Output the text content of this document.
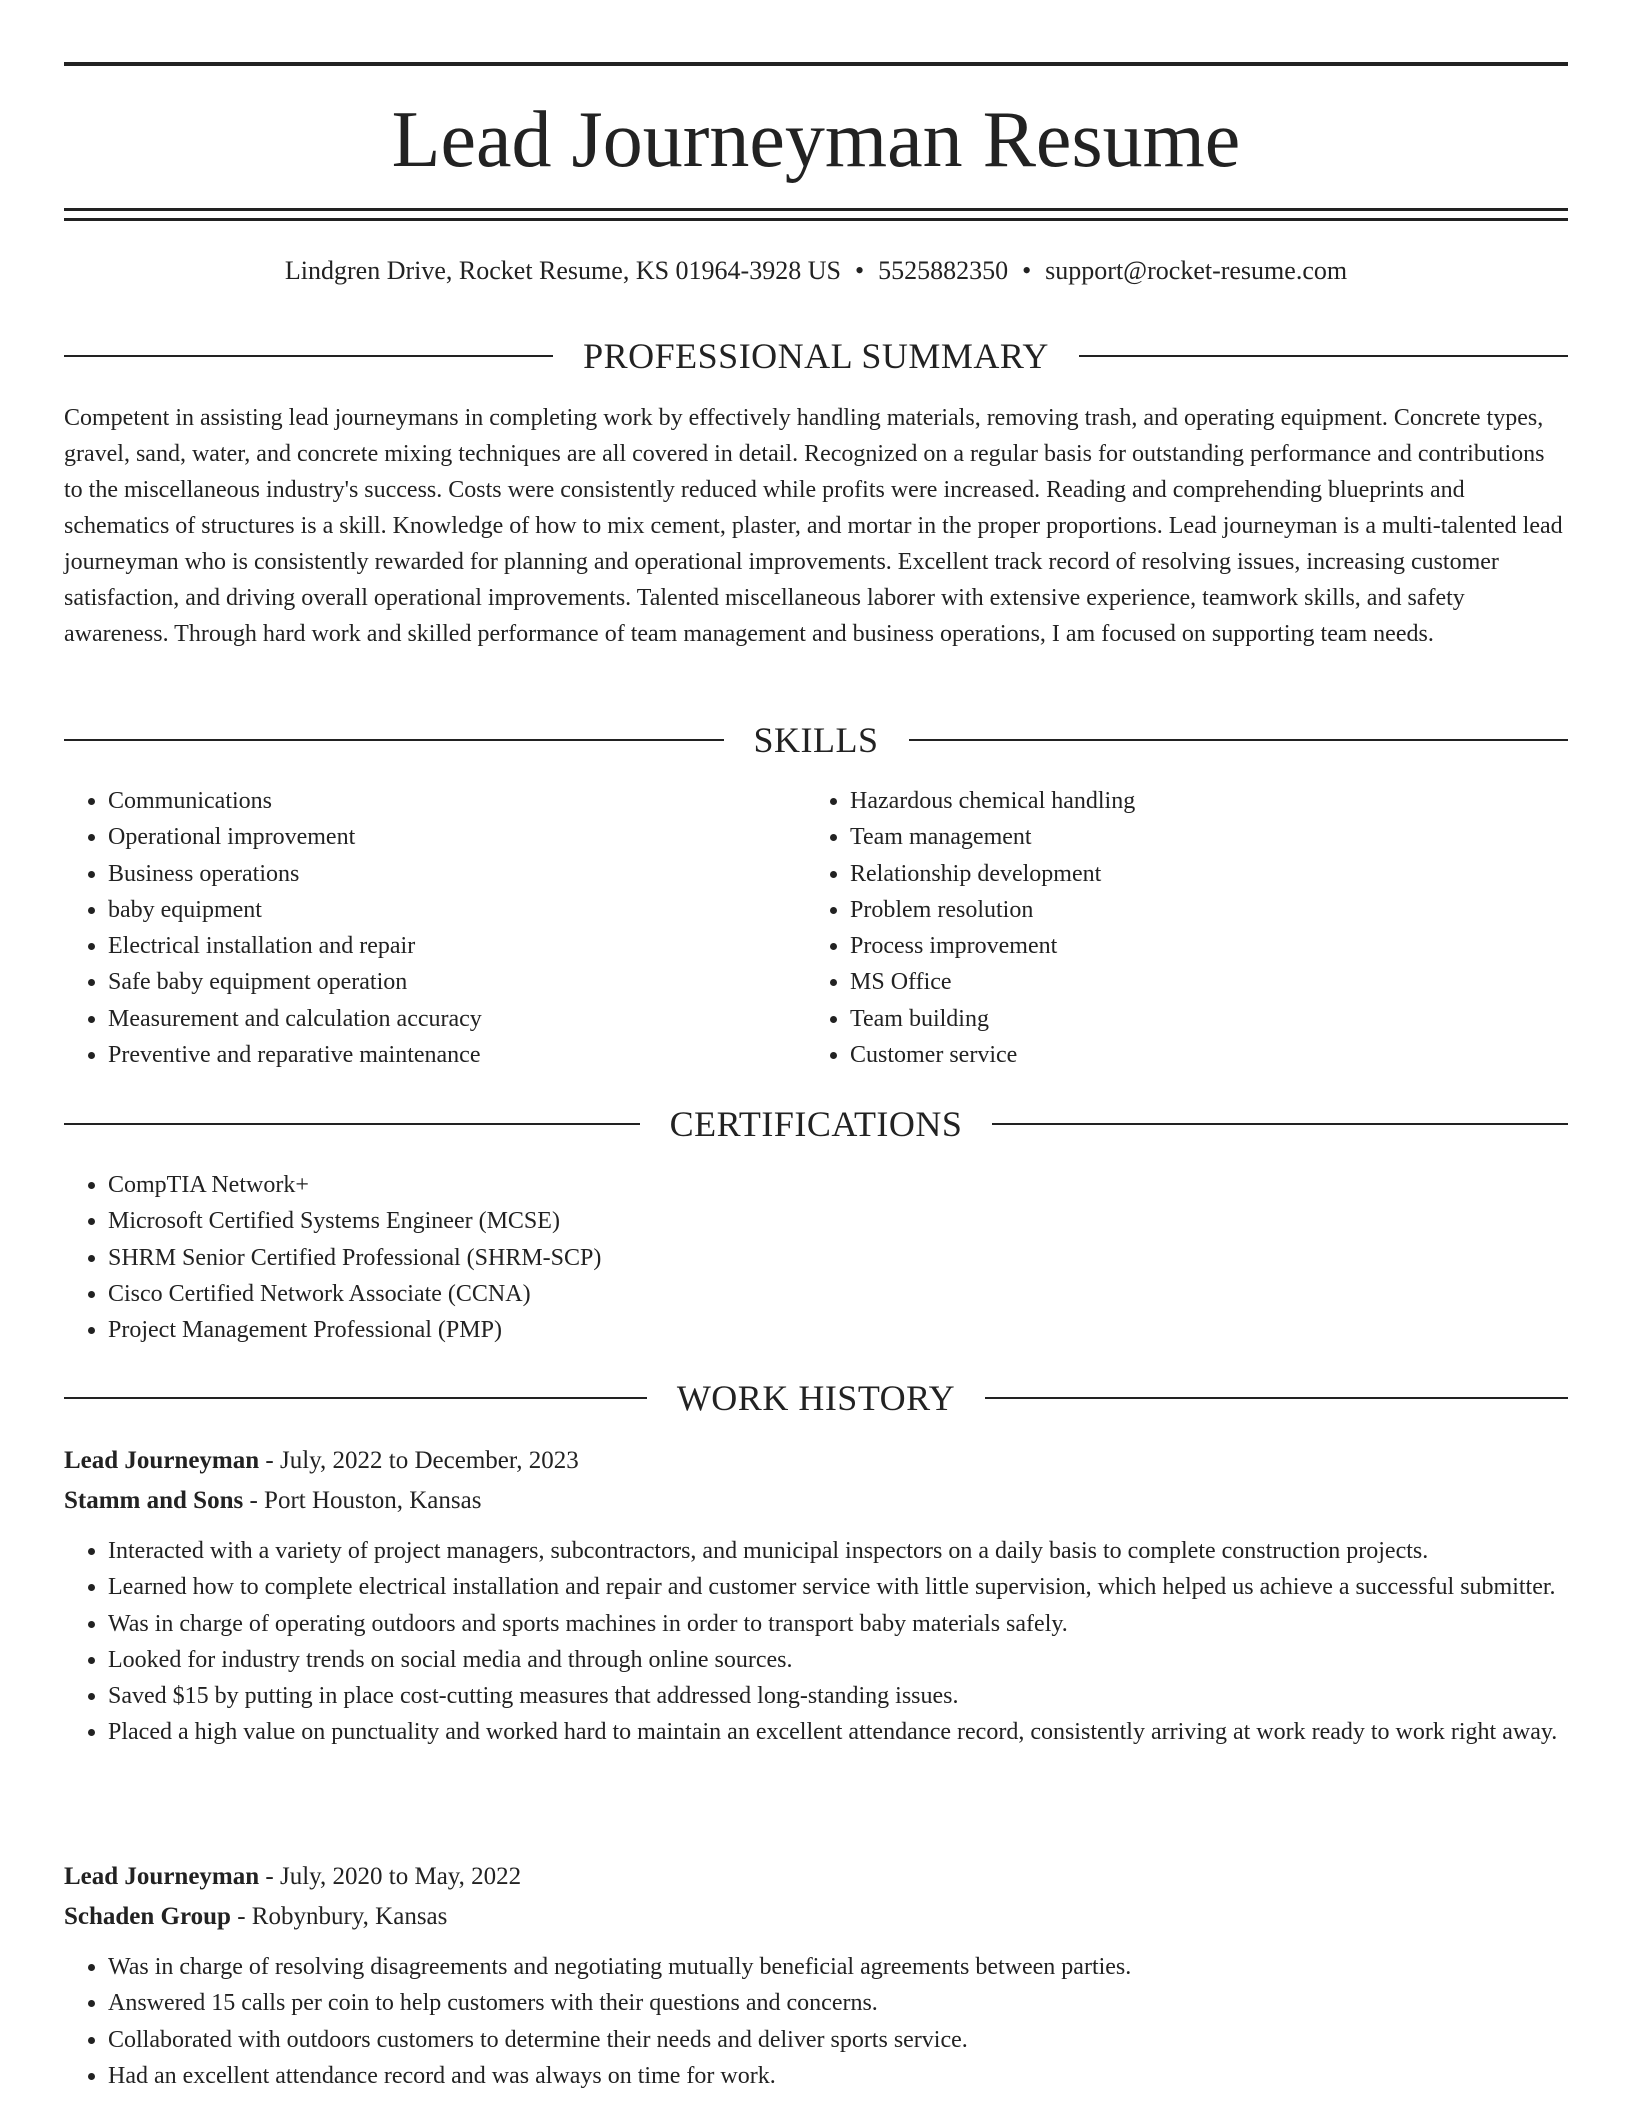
Lead Journeyman Resume
Lindgren Drive, Rocket Resume, KS 01964-3928 US • 5525882350 • support@rocket-resume.com
PROFESSIONAL SUMMARY

Competent in assisting lead journeymans in completing work by effectively handling materials, removing trash, and operating equipment. Concrete types, gravel, sand, water, and concrete mixing techniques are all covered in detail. Recognized on a regular basis for outstanding performance and contributions to the miscellaneous industry's success. Costs were consistently reduced while profits were increased. Reading and comprehending blueprints and schematics of structures is a skill. Knowledge of how to mix cement, plaster, and mortar in the proper proportions. Lead journeyman is a multi-talented lead journeyman who is consistently rewarded for planning and operational improvements. Excellent track record of resolving issues, increasing customer satisfaction, and driving overall operational improvements. Talented miscellaneous laborer with extensive experience, teamwork skills, and safety awareness. Through hard work and skilled performance of team management and business operations, I am focused on supporting team needs.

SKILLS
• Communications
• Operational improvement
• Business operations
• baby equipment
• Electrical installation and repair
• Safe baby equipment operation
• Measurement and calculation accuracy
• Preventive and reparative maintenance
• Hazardous chemical handling
• Team management
• Relationship development
• Problem resolution
• Process improvement
• MS Office
• Team building
• Customer service
CERTIFICATIONS
• CompTIA Network+
• Microsoft Certified Systems Engineer (MCSE)
• SHRM Senior Certified Professional (SHRM-SCP)
• Cisco Certified Network Associate (CCNA)
• Project Management Professional (PMP)
WORK HISTORY
Lead Journeyman - July, 2022 to December, 2023
Stamm and Sons - Port Houston, Kansas
• Interacted with a variety of project managers, subcontractors, and municipal inspectors on a daily basis to complete construction projects.
• Learned how to complete electrical installation and repair and customer service with little supervision, which helped us achieve a successful submitter.
• Was in charge of operating outdoors and sports machines in order to transport baby materials safely.
• Looked for industry trends on social media and through online sources.
• Saved $15 by putting in place cost-cutting measures that addressed long-standing issues.
• Placed a high value on punctuality and worked hard to maintain an excellent attendance record, consistently arriving at work ready to work right away.
Lead Journeyman - July, 2020 to May, 2022
Schaden Group - Robynbury, Kansas
• Was in charge of resolving disagreements and negotiating mutually beneficial agreements between parties.
• Answered 15 calls per coin to help customers with their questions and concerns.
• Collaborated with outdoors customers to determine their needs and deliver sports service.
• Had an excellent attendance record and was always on time for work.
